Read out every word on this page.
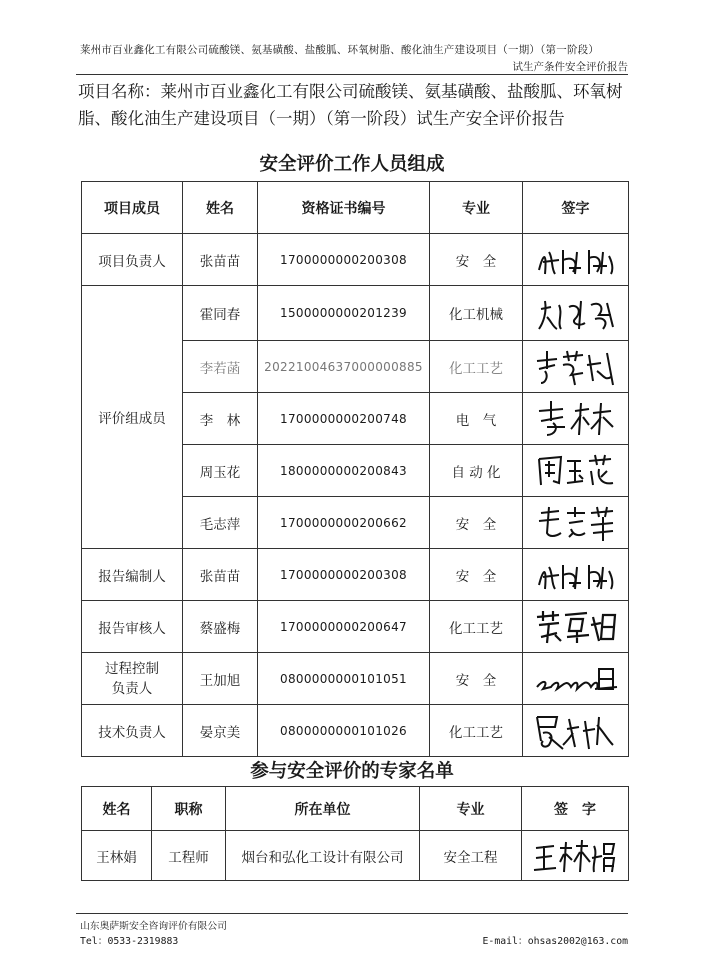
莱州市百业鑫化工有限公司硫酸镁、氨基磺酸、盐酸胍、环氧树脂、酸化油生产建设项目（一期）（第一阶段）
试生产条件安全评价报告
项目名称：莱州市百业鑫化工有限公司硫酸镁、氨基磺酸、盐酸胍、环氧树脂、酸化油生产建设项目（一期）（第一阶段）试生产安全评价报告
安全评价工作人员组成
项目成员	姓名	资格证书编号	专业	签字
项目负责人	张苗苗	1700000000200308	安　全	

评价组成员	霍同春	1500000000201239	化工机械	

	李若菡	20221004637000000885	化工工艺	

	李　林	1700000000200748	电　气	

	周玉花	1800000000200843	自 动 化	

	毛志萍	1700000000200662	安　全	

报告编制人	张苗苗	1700000000200308	安　全	

报告审核人	蔡盛梅	1700000000200647	化工工艺	

过程控制
负责人	王加旭	0800000000101051	安　全	

技术负责人	晏京美	0800000000101026	化工工艺	
参与安全评价的专家名单
姓名	职称	所在单位	专业	签　字
王林娟	工程师	烟台和弘化工设计有限公司	安全工程	
山东奥萨斯安全咨询评价有限公司
Tel：0533-2319883	E-mail：ohsas2002@163.com
